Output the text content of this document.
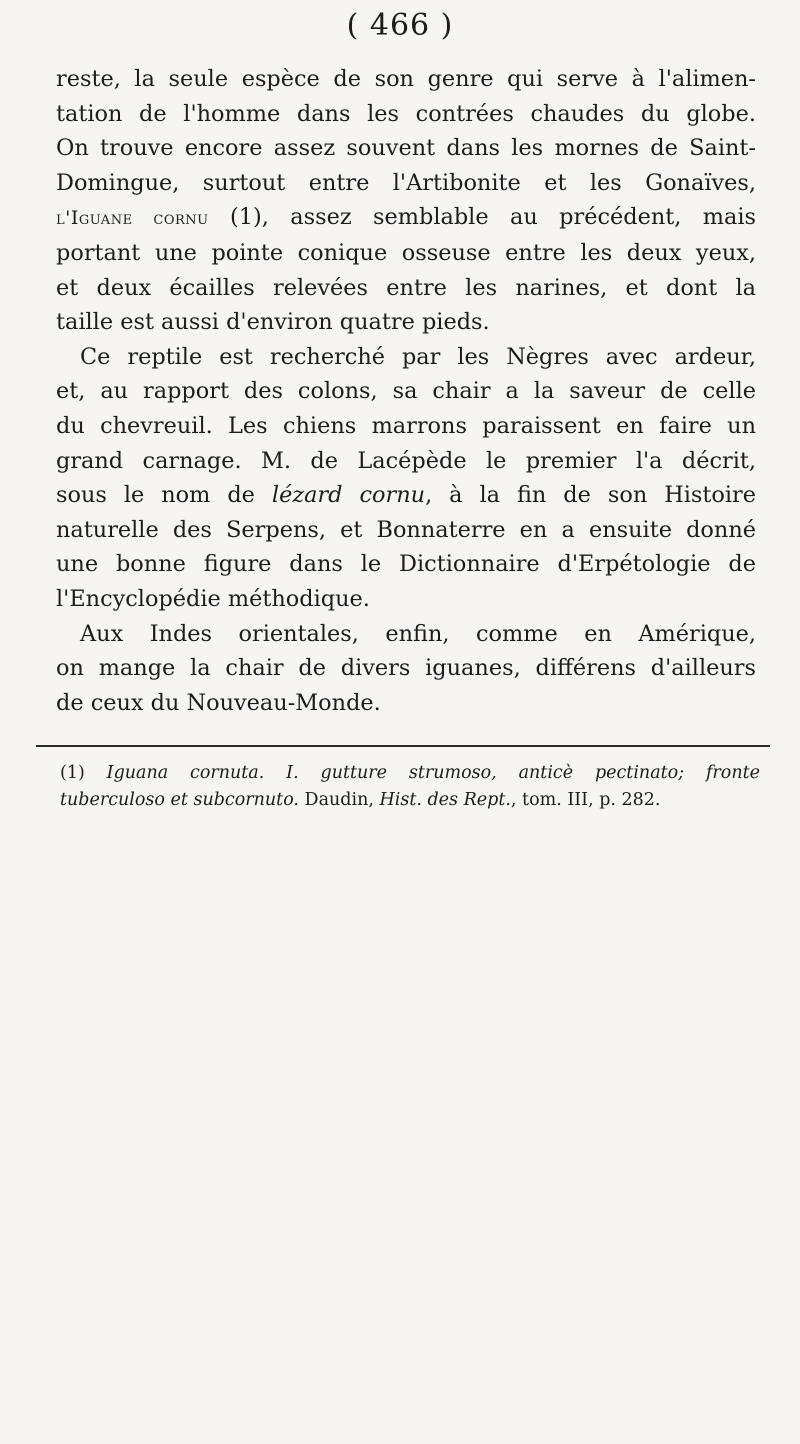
( 466 )
reste, la seule espèce de son genre qui serve à l'alimen-
tation de l'homme dans les contrées chaudes du globe.
On trouve encore assez souvent dans les mornes de Saint-
Domingue, surtout entre l'Artibonite et les Gonaïves,
l'Iguane cornu (1), assez semblable au précédent, mais
portant une pointe conique osseuse entre les deux yeux,
et deux écailles relevées entre les narines, et dont la
taille est aussi d'environ quatre pieds.
Ce reptile est recherché par les Nègres avec ardeur,
et, au rapport des colons, sa chair a la saveur de celle
du chevreuil. Les chiens marrons paraissent en faire un
grand carnage. M. de Lacépède le premier l'a décrit,
sous le nom de lézard cornu, à la fin de son Histoire
naturelle des Serpens, et Bonnaterre en a ensuite donné
une bonne figure dans le Dictionnaire d'Erpétologie de
l'Encyclopédie méthodique.
Aux Indes orientales, enfin, comme en Amérique,
on mange la chair de divers iguanes, différens d'ailleurs
de ceux du Nouveau-Monde.
(1) Iguana cornuta. I. gutture strumoso, anticè pectinato; fronte
tuberculoso et subcornuto. Daudin, Hist. des Rept., tom. III, p. 282.
